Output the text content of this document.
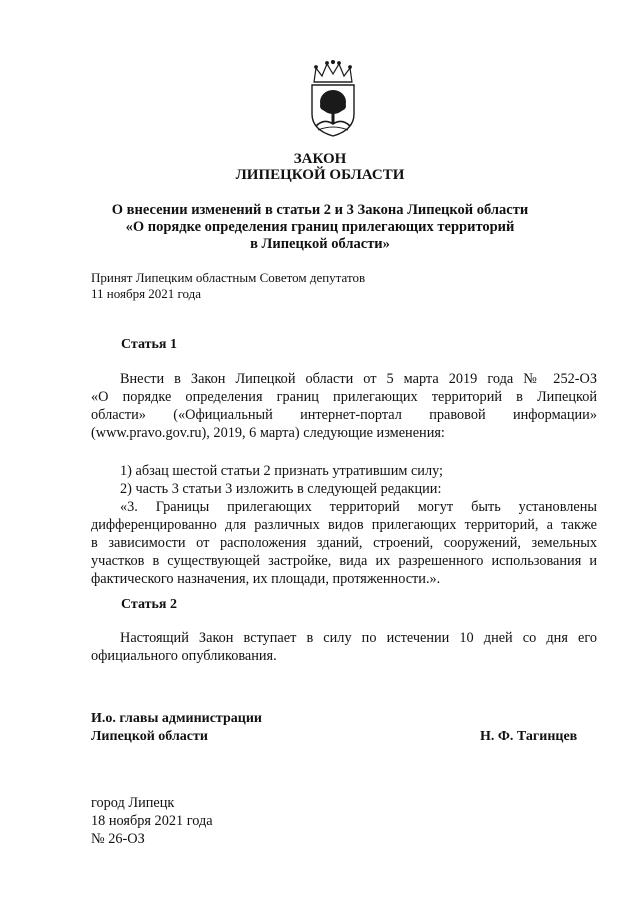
ЗАКОН
ЛИПЕЦКОЙ ОБЛАСТИ
О внесении изменений в статьи 2 и 3 Закона Липецкой области
«О порядке определения границ прилегающих территорий
в Липецкой области»
Принят Липецким областным Советом депутатов
11 ноября 2021 года
Статья 1
Внести в Закон Липецкой области от 5 марта 2019 года № 252-ОЗ
«О порядке определения границ прилегающих территорий в Липецкой
области» («Официальный интернет-портал правовой информации»
(www.pravo.gov.ru), 2019, 6 марта) следующие изменения:
1) абзац шестой статьи 2 признать утратившим силу;
2) часть 3 статьи 3 изложить в следующей редакции:
«3. Границы прилегающих территорий могут быть установлены
дифференцированно для различных видов прилегающих территорий, а также
в зависимости от расположения зданий, строений, сооружений, земельных
участков в существующей застройке, вида их разрешенного использования и
фактического назначения, их площади, протяженности.».
Статья 2
Настоящий Закон вступает в силу по истечении 10 дней со дня его
официального опубликования.
И.о. главы администрации
Липецкой области	Н. Ф. Тагинцев
город Липецк
18 ноября 2021 года
№ 26-ОЗ
